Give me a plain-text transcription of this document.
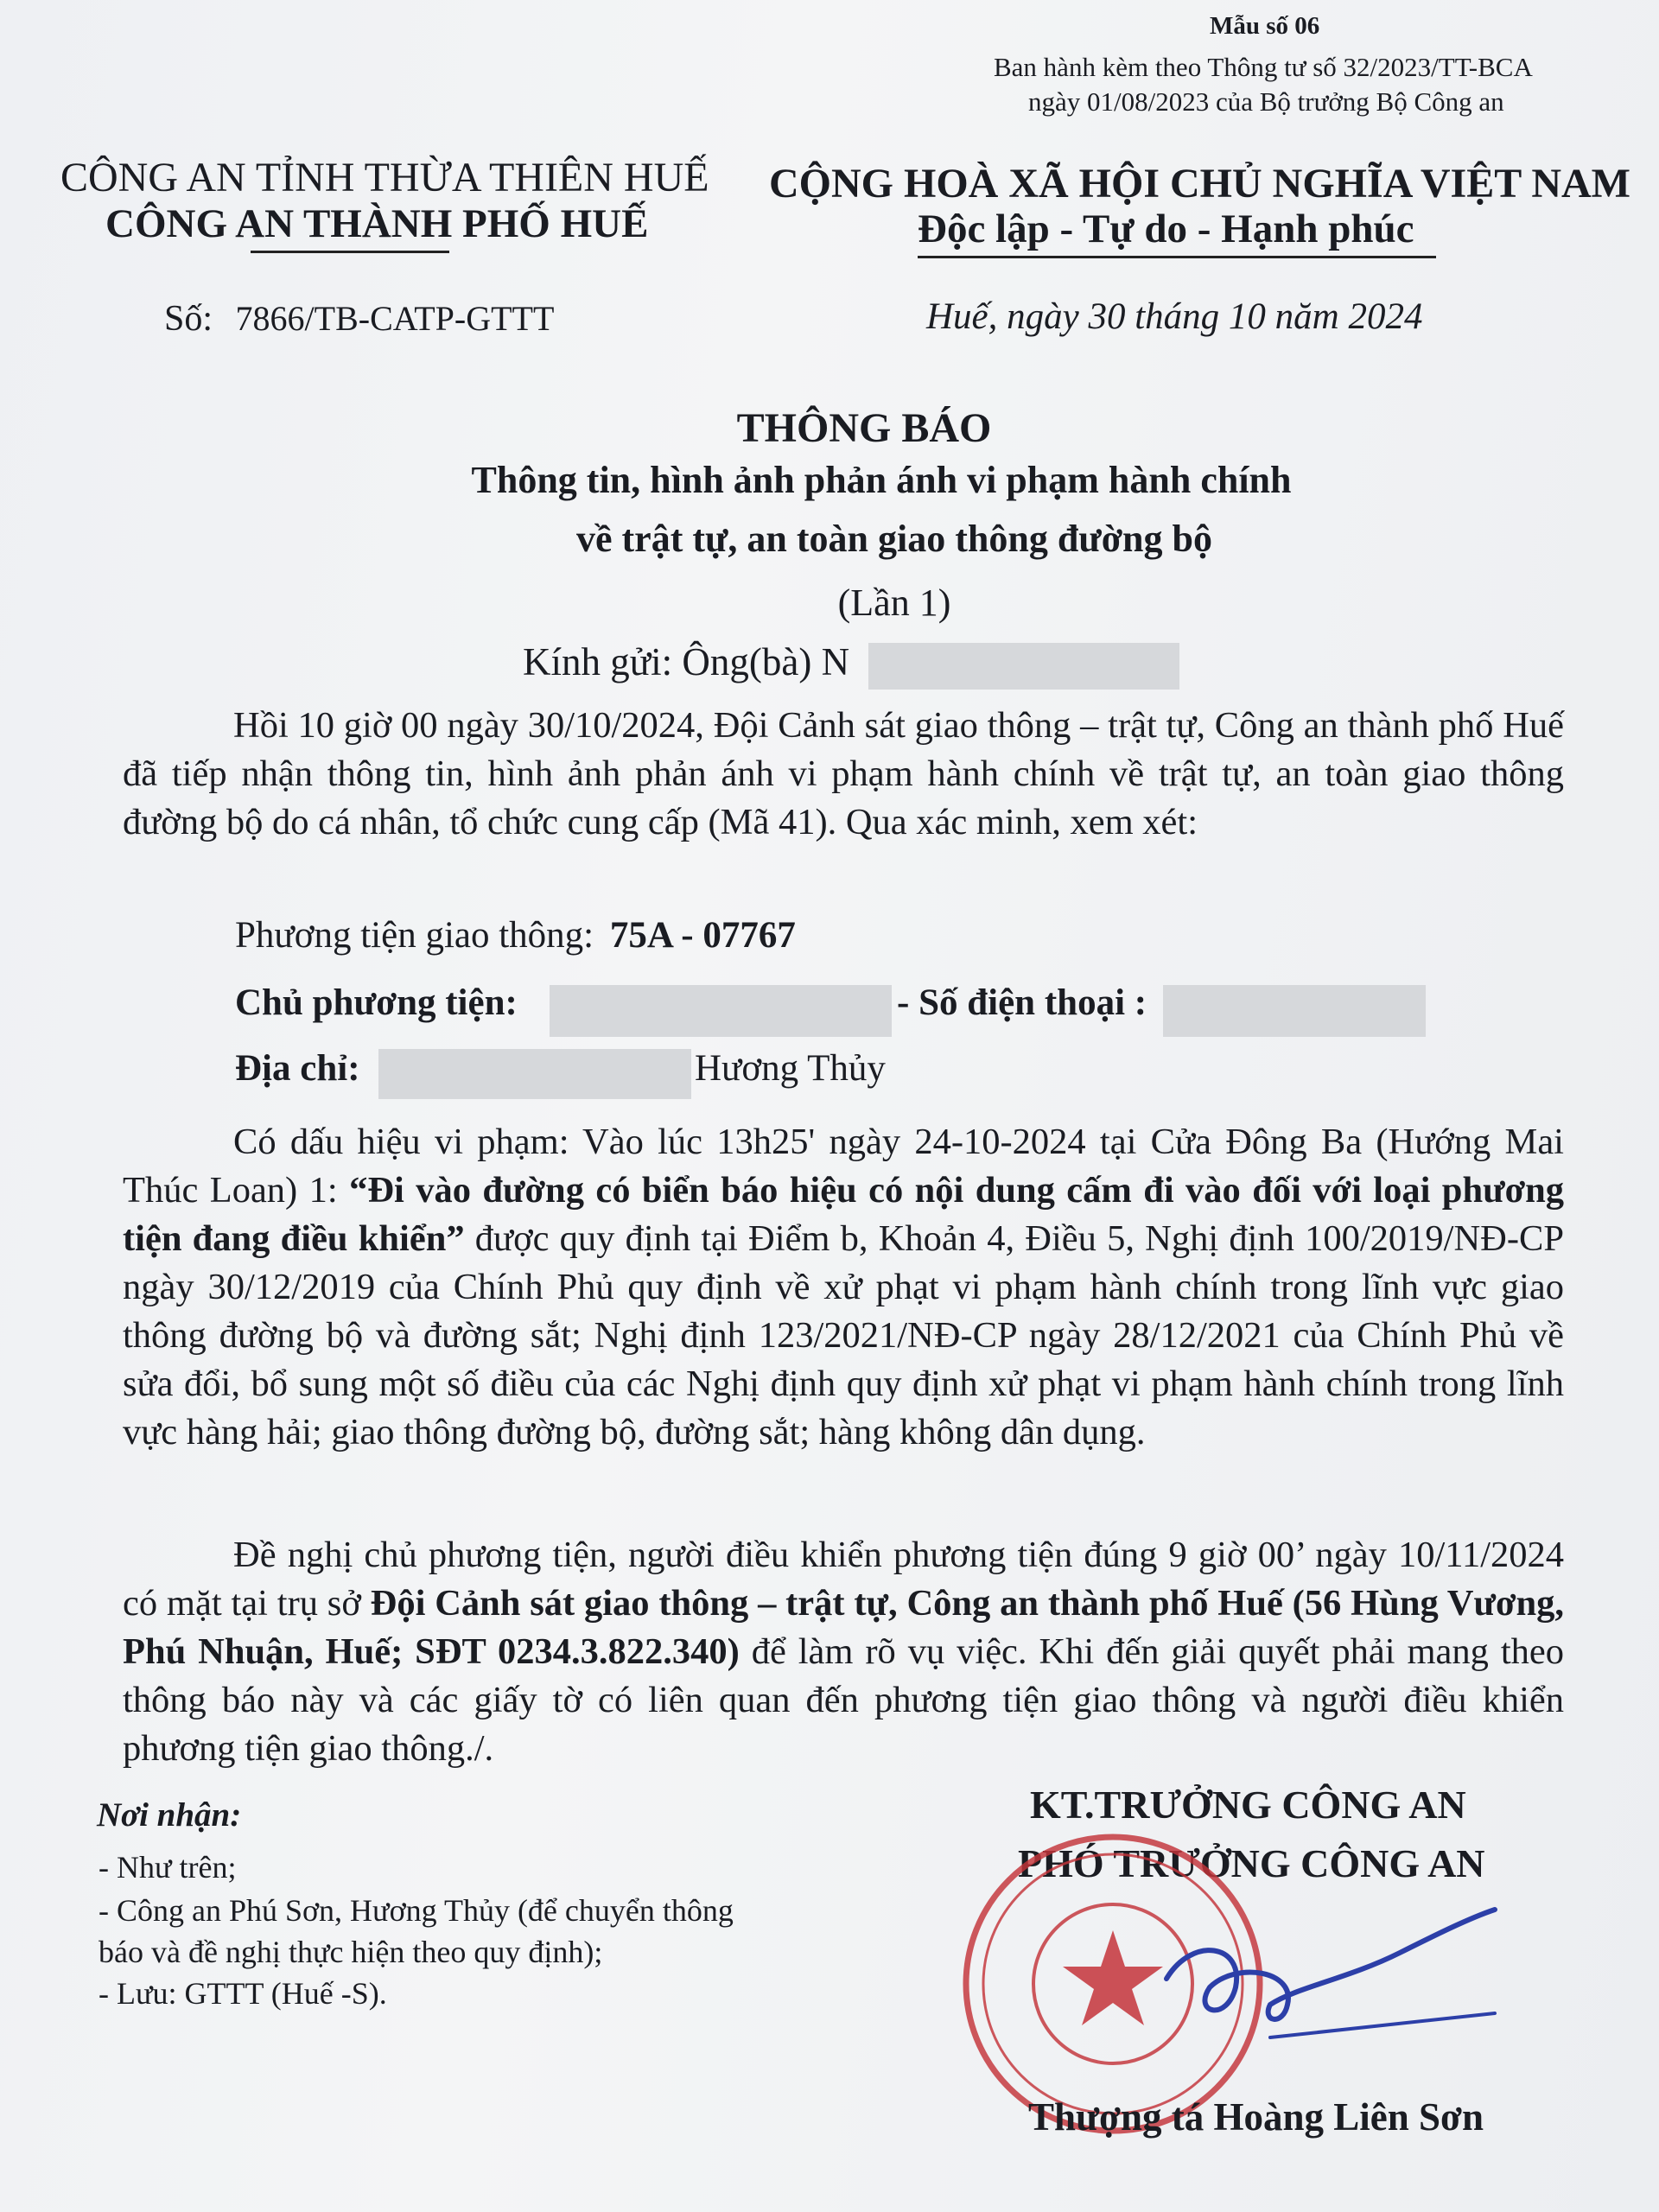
Mẫu số 06
Ban hành kèm theo Thông tư số 32/2023/TT-BCA
ngày 01/08/2023 của Bộ trưởng Bộ Công an
CÔNG AN TỈNH THỪA THIÊN HUẾ
CÔNG AN THÀNH PHỐ HUẾ
CỘNG HOÀ XÃ HỘI CHỦ NGHĨA VIỆT NAM
Độc lập - Tự do - Hạnh phúc
Số: 7866/TB-CATP-GTTT	Huế, ngày 30 tháng 10 năm 2024
THÔNG BÁO
Thông tin, hình ảnh phản ánh vi phạm hành chính
về trật tự, an toàn giao thông đường bộ
(Lần 1)
Kính gửi: Ông(bà) N
Hồi 10 giờ 00 ngày 30/10/2024, Đội Cảnh sát giao thông – trật tự, Công an thành phố Huế đã tiếp nhận thông tin, hình ảnh phản ánh vi phạm hành chính về trật tự, an toàn giao thông đường bộ do cá nhân, tổ chức cung cấp (Mã 41). Qua xác minh, xem xét:
Phương tiện giao thông: 75A - 07767
Chủ phương tiện:	- Số điện thoại :
Địa chỉ:	Hương Thủy
Có dấu hiệu vi phạm: Vào lúc 13h25' ngày 24-10-2024 tại Cửa Đông Ba (Hướng Mai Thúc Loan) 1: “Đi vào đường có biển báo hiệu có nội dung cấm đi vào đối với loại phương tiện đang điều khiển” được quy định tại Điểm b, Khoản 4, Điều 5, Nghị định 100/2019/NĐ-CP ngày 30/12/2019 của Chính Phủ quy định về xử phạt vi phạm hành chính trong lĩnh vực giao thông đường bộ và đường sắt; Nghị định 123/2021/NĐ-CP ngày 28/12/2021 của Chính Phủ về sửa đổi, bổ sung một số điều của các Nghị định quy định xử phạt vi phạm hành chính trong lĩnh vực hàng hải; giao thông đường bộ, đường sắt; hàng không dân dụng.
Đề nghị chủ phương tiện, người điều khiển phương tiện đúng 9 giờ 00’ ngày 10/11/2024 có mặt tại trụ sở Đội Cảnh sát giao thông – trật tự, Công an thành phố Huế (56 Hùng Vương, Phú Nhuận, Huế; SĐT 0234.3.822.340) để làm rõ vụ việc. Khi đến giải quyết phải mang theo thông báo này và các giấy tờ có liên quan đến phương tiện giao thông và người điều khiển phương tiện giao thông./.
Nơi nhận:
- Như trên;
- Công an Phú Sơn, Hương Thủy (để chuyển thông
báo và đề nghị thực hiện theo quy định);
- Lưu: GTTT (Huế -S).
KT.TRƯỞNG CÔNG AN
PHÓ TRƯỞNG CÔNG AN
Thượng tá Hoàng Liên Sơn
